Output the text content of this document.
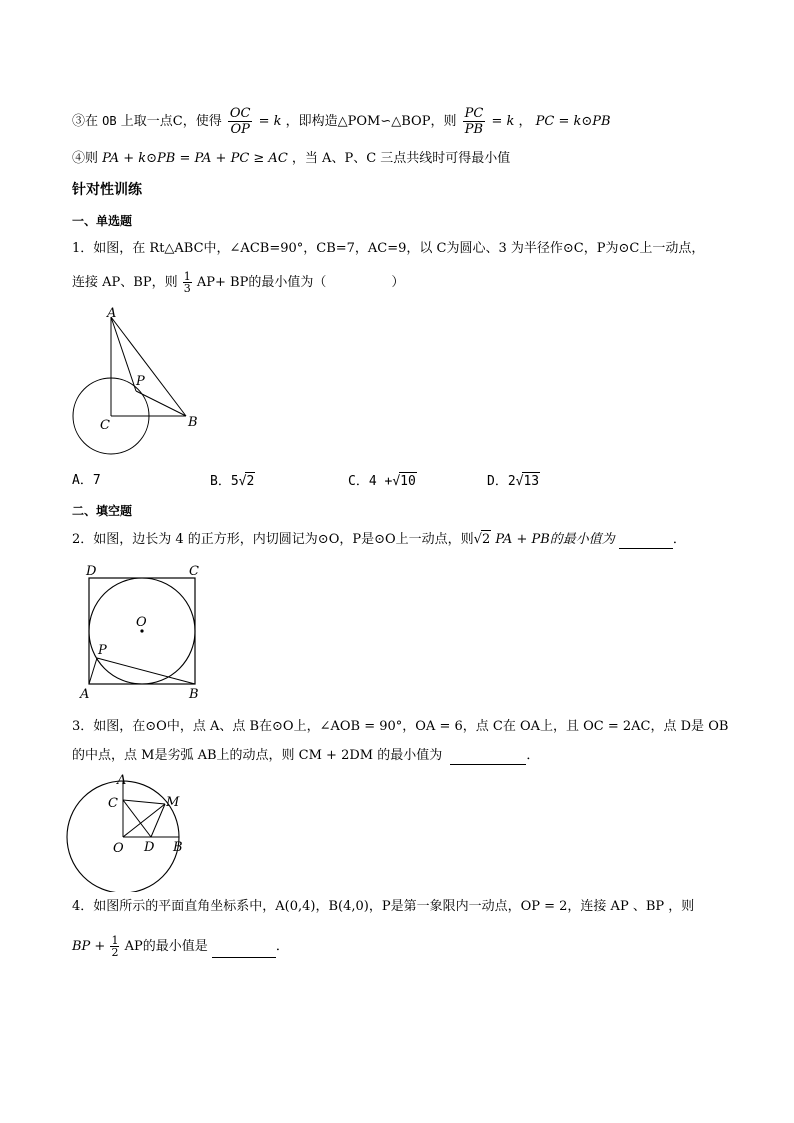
③在 OB 上取一点C，使得 $\frac{OC}{OP} = k$ ，即构造△POM∽△BOP，则 $\frac{PC}{PB} = k$ ， PC = k⊙PB
④则 PA + k⊙PB = PA + PC ≥ AC ，当 A、P、C 三点共线时可得最小值
针对性训练
一、单选题
1．如图，在 Rt△ABC中，∠ACB=90°，CB=7，AC=9，以 C为圆心、3 为半径作⊙C，P为⊙C上一动点，
连接 AP、BP，则 $\frac{1}{3} AP+$ BP的最小值为（　　　　　）
A
P
C	B
A．7	B．5√2	C．4 +√10	D．2√13
二、填空题
2．如图，边长为 4 的正方形，内切圆记为⊙O，P是⊙O上一动点，则√2 PA + PB的最小值为	．
D	C
O
P
A	B
3．如图，在⊙O中，点 A、点 B在⊙O上，∠AOB = 90°，OA = 6，点 C在 OA上，且 OC = 2AC，点 D是 OB
的中点，点 M是劣弧 AB上的动点，则 CM + 2DM 的最小值为	．
A
C	M
O D B
4．如图所示的平面直角坐标系中，A(0,4)，B(4,0)，P是第一象限内一动点，OP = 2，连接 AP 、BP ，则
BP + $\frac{1}{2}$ AP的最小值是	．
